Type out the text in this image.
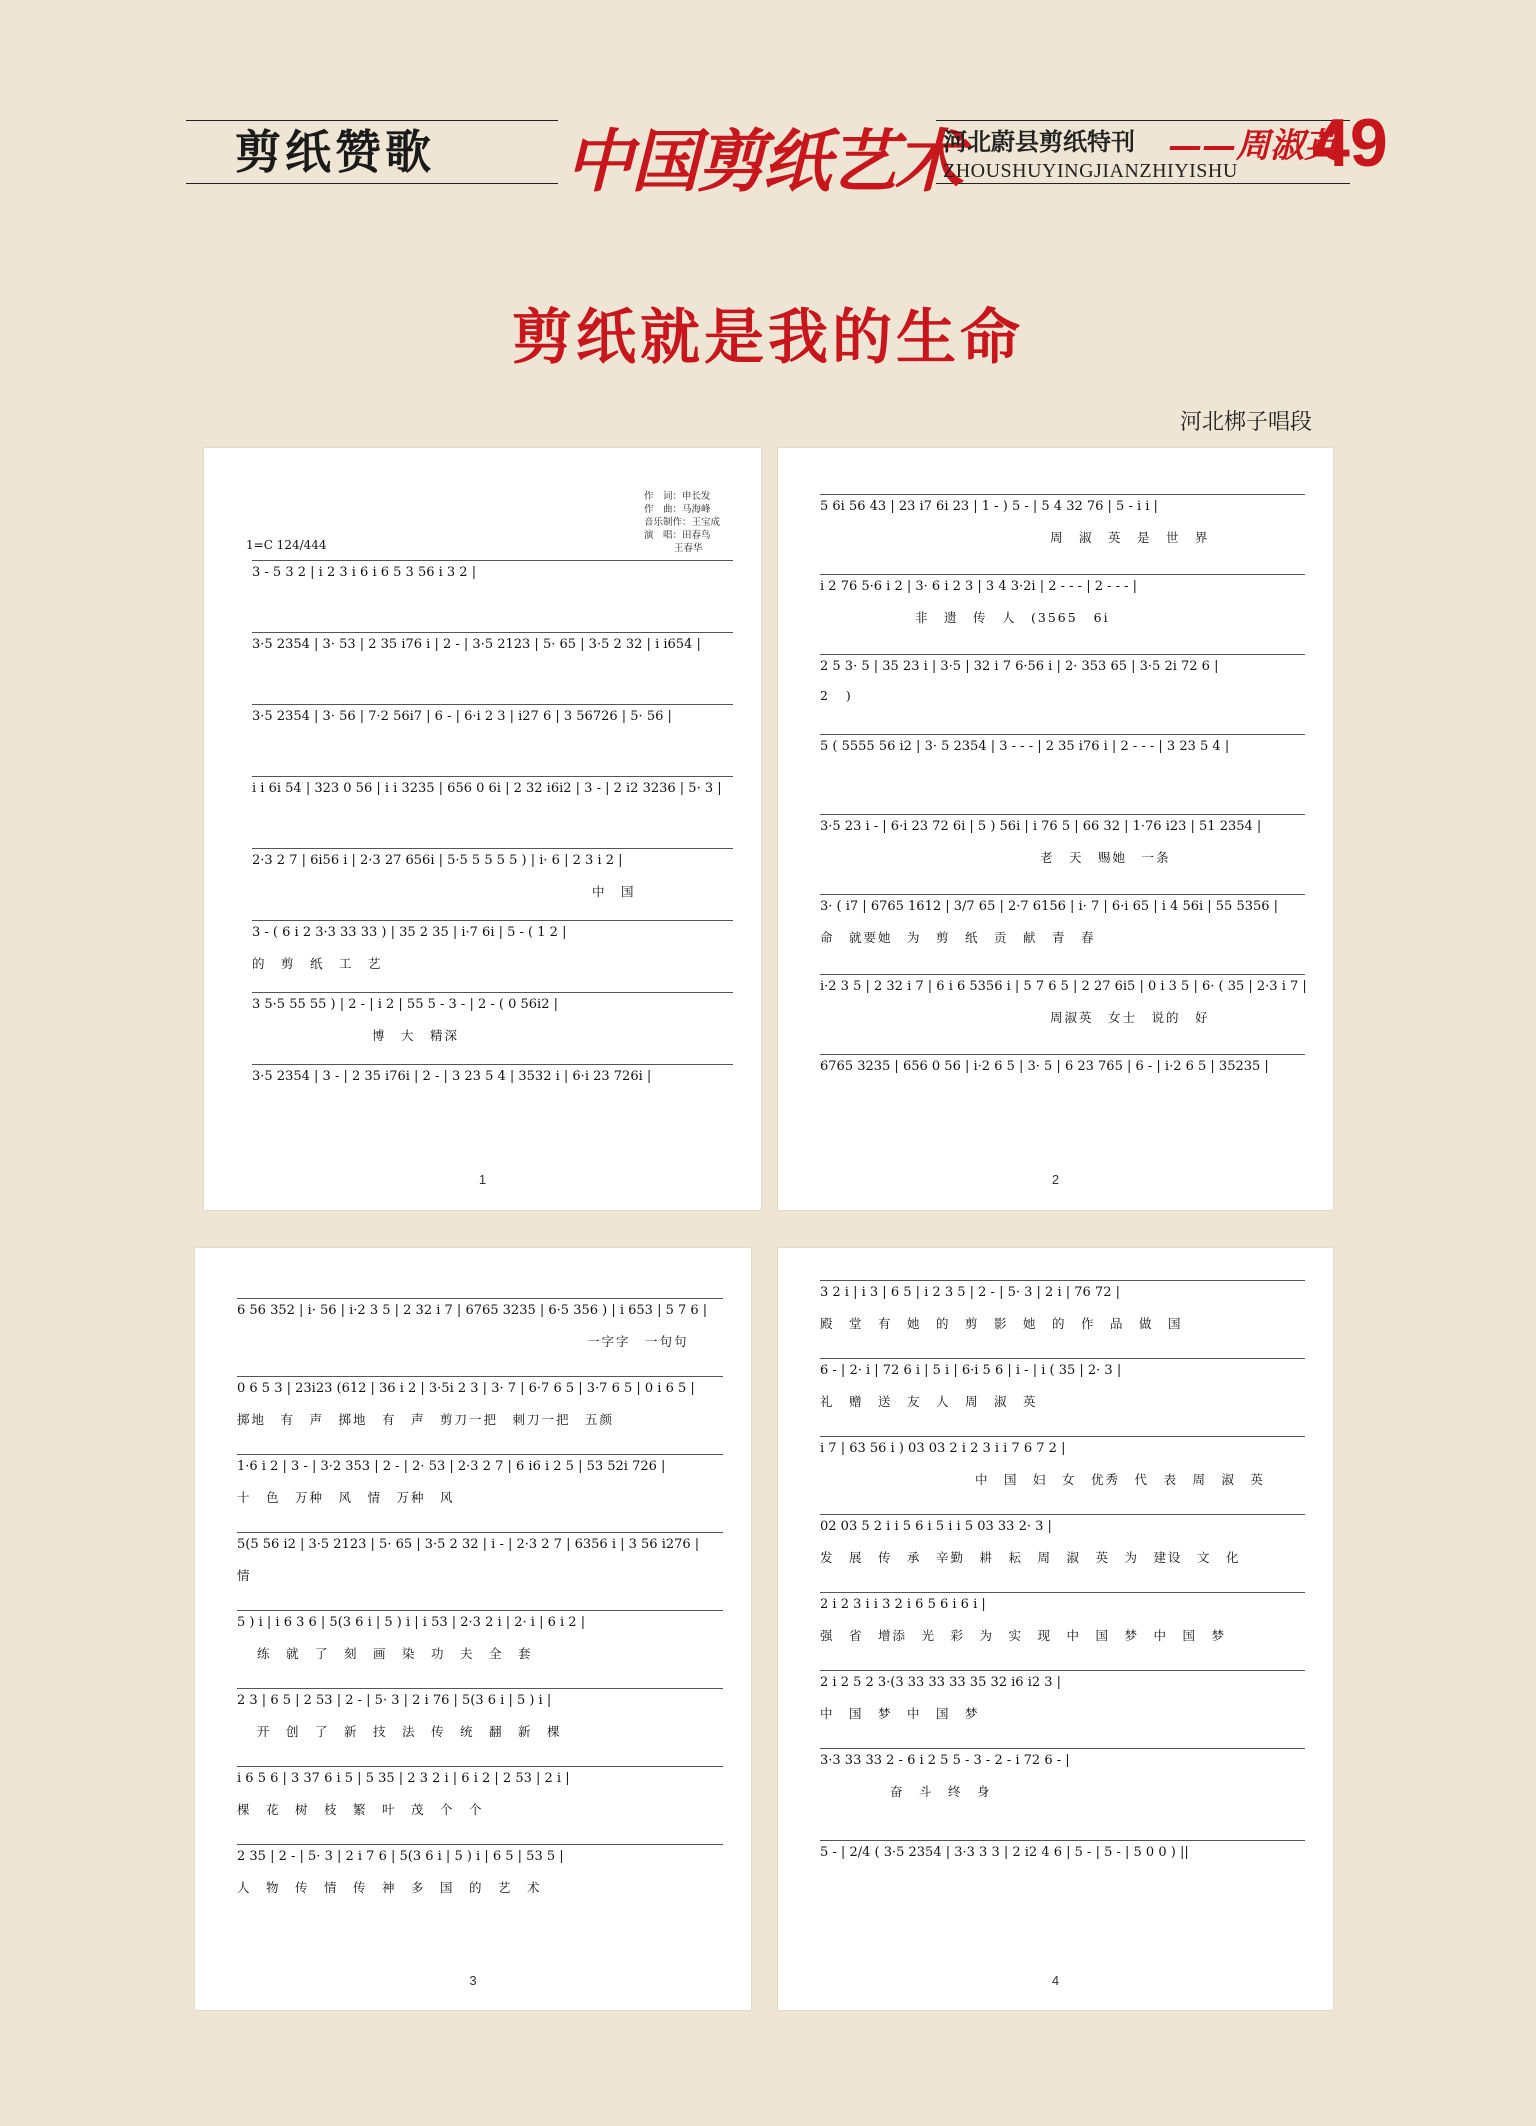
剪纸赞歌 中国剪纸艺术
河北蔚县剪纸特刊 ——周淑英
ZHOUSHUYINGJIANZHIYISHU 49
剪纸就是我的生命
河北梆子唱段
作　词：申长发
作　曲：马海峰
音乐制作：王宝成
演　唱：田春鸟
王春华
1=C 124/444
3 - 5 3 2 | i 2 3 i 6 i 6 5 3 56 i 3 2 |
3·5 2354 | 3· 53 | 2 35 i76 i | 2 - | 3·5 2123 | 5· 65 | 3·5 2 32 | i i654 |
3·5 2354 | 3· 56 | 7·2 56i7 | 6 - | 6·i 2 3 | i27 6 | 3 56726 | 5· 56 |
i i 6i 54 | 323 0 56 | i i 3235 | 656 0 6i | 2 32 i6i2 | 3 - | 2 i2 3236 | 5· 3 |
2·3 2 7 | 6i56 i | 2·3 27 656i | 5·5 5 5 5 5 ) | i· 6 | 2 3 i 2 |
中　国
3 - ( 6 i 2 3·3 33 33 ) | 35 2 35 | i·7 6i | 5 - ( 1 2 |
的　剪　纸　工　艺
3 5·5 55 55 ) | 2 - | i 2 | 55 5 - 3 - | 2 - ( 0 56i2 |
博　大　精深
3·5 2354 | 3 - | 2 35 i76i | 2 - | 3 23 5 4 | 3532 i | 6·i 23 726i |
1
5 6i 56 43 | 23 i7 6i 23 | 1 - ) 5 - | 5 4 32 76 | 5 - i i |
周　淑　英　是　世　界
i 2 76 5·6 i 2 | 3· 6 i 2 3 | 3 4 3·2i | 2 - - - | 2 - - - |
非　遗　传　人　(3565 6i
2 5 3· 5 | 35 23 i | 3·5 | 32 i 7 6·56 i | 2· 353 65 | 3·5 2i 72 6 |
2 )
5 ( 5555 56 i2 | 3· 5 2354 | 3 - - - | 2 35 i76 i | 2 - - - | 3 23 5 4 |
3·5 23 i - | 6·i 23 72 6i | 5 ) 56i | i 76 5 | 66 32 | 1·76 i23 | 51 2354 |
老　天　赐她　一条
3· ( i7 | 6765 1612 | 3/7 65 | 2·7 6156 | i· 7 | 6·i 65 | i 4 56i | 55 5356 |
命　就要她　为　剪　纸　贡　献　青　春
i·2 3 5 | 2 32 i 7 | 6 i 6 5356 i | 5 7 6 5 | 2 27 6i5 | 0 i 3 5 | 6· ( 35 | 2·3 i 7 |
周淑英　女士　说的　好
6765 3235 | 656 0 56 | i·2 6 5 | 3· 5 | 6 23 765 | 6 - | i·2 6 5 | 35235 |
2
6 56 352 | i· 56 | i·2 3 5 | 2 32 i 7 | 6765 3235 | 6·5 356 ) | i 653 | 5 7 6 |
一字字　一句句
0 6 5 3 | 23i23 (612 | 36 i 2 | 3·5i 2 3 | 3· 7 | 6·7 6 5 | 3·7 6 5 | 0 i 6 5 |
掷地　有　声　掷地　有　声　剪刀一把　刺刀一把　五颜
1·6 i 2 | 3 - | 3·2 353 | 2 - | 2· 53 | 2·3 2 7 | 6 i6 i 2 5 | 53 52i 726 |
十　色　万种　风　情　万种　风
5(5 56 i2 | 3·5 2123 | 5· 65 | 3·5 2 32 | i - | 2·3 2 7 | 6356 i | 3 56 i276 |
情
5 ) i | i 6 3 6 | 5(3 6 i | 5 ) i | i 53 | 2·3 2 i | 2· i | 6 i 2 |
练　就　了　刻　画　染　功　夫　全　套
2 3 | 6 5 | 2 53 | 2 - | 5· 3 | 2 i 76 | 5(3 6 i | 5 ) i |
开　创　了　新　技　法　传　统　翻　新　棵
i 6 5 6 | 3 37 6 i 5 | 5 35 | 2 3 2 i | 6 i 2 | 2 53 | 2 i |
棵　花　树　枝　繁　叶　茂　个　个
2 35 | 2 - | 5· 3 | 2 i 7 6 | 5(3 6 i | 5 ) i | 6 5 | 53 5 |
人　物　传　情　传　神　多　国　的　艺　术
3
3 2 i | i 3 | 6 5 | i 2 3 5 | 2 - | 5· 3 | 2 i | 76 72 |
殿　堂　有　她　的　剪　影　她　的　作　品　做　国
6 - | 2· i | 72 6 i | 5 i | 6·i 5 6 | i - | i ( 35 | 2· 3 |
礼　赠　送　友　人　周　淑　英
i 7 | 63 56 i ) 03 03 2 i 2 3 i i 7 6 7 2 |
中　国　妇　女　优秀　代　表　周　淑　英
02 03 5 2 i i 5 6 i 5 i i 5 03 33 2· 3 |
发　展　传　承　辛勤　耕　耘　周　淑　英　为　建设　文　化
2 i 2 3 i i 3 2 i 6 5 6 i 6 i |
强　省　增添　光　彩　为　实　现　中　国　梦　中　国　梦
2 i 2 5 2 3·(3 33 33 33 35 32 i6 i2 3 |
中　国　梦　中　国　梦
3·3 33 33 2 - 6 i 2 5 5 - 3 - 2 - i 72 6 - |
奋　斗　终　身
5 - | 2/4 ( 3·5 2354 | 3·3 3 3 | 2 i2 4 6 | 5 - | 5 - | 5 0 0 ) ||
4
